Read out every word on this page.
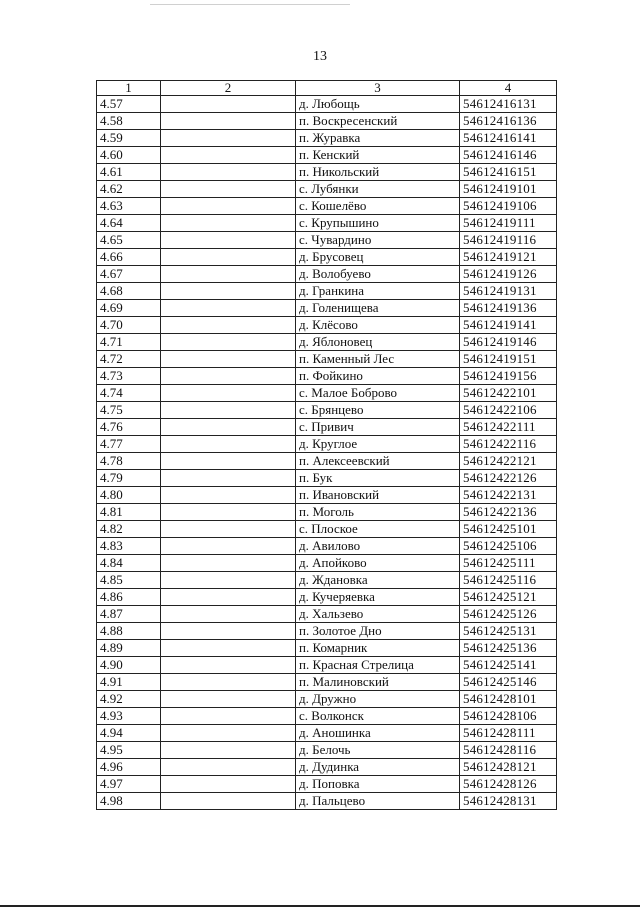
13
1	2	3	4
4.57		д. Любощь	54612416131
4.58		п. Воскресенский	54612416136
4.59		п. Журавка	54612416141
4.60		п. Кенский	54612416146
4.61		п. Никольский	54612416151
4.62		с. Лубянки	54612419101
4.63		с. Кошелёво	54612419106
4.64		с. Крупышино	54612419111
4.65		с. Чувардино	54612419116
4.66		д. Брусовец	54612419121
4.67		д. Волобуево	54612419126
4.68		д. Гранкина	54612419131
4.69		д. Голенищева	54612419136
4.70		д. Клёсово	54612419141
4.71		д. Яблоновец	54612419146
4.72		п. Каменный Лес	54612419151
4.73		п. Фойкино	54612419156
4.74		с. Малое Боброво	54612422101
4.75		с. Брянцево	54612422106
4.76		с. Привич	54612422111
4.77		д. Круглое	54612422116
4.78		п. Алексеевский	54612422121
4.79		п. Бук	54612422126
4.80		п. Ивановский	54612422131
4.81		п. Моголь	54612422136
4.82		с. Плоское	54612425101
4.83		д. Авилово	54612425106
4.84		д. Апойково	54612425111
4.85		д. Ждановка	54612425116
4.86		д. Кучеряевка	54612425121
4.87		д. Хальзево	54612425126
4.88		п. Золотое Дно	54612425131
4.89		п. Комарник	54612425136
4.90		п. Красная Стрелица	54612425141
4.91		п. Малиновский	54612425146
4.92		д. Дружно	54612428101
4.93		с. Волконск	54612428106
4.94		д. Аношинка	54612428111
4.95		д. Белочь	54612428116
4.96		д. Дудинка	54612428121
4.97		д. Поповка	54612428126
4.98		д. Пальцево	54612428131
